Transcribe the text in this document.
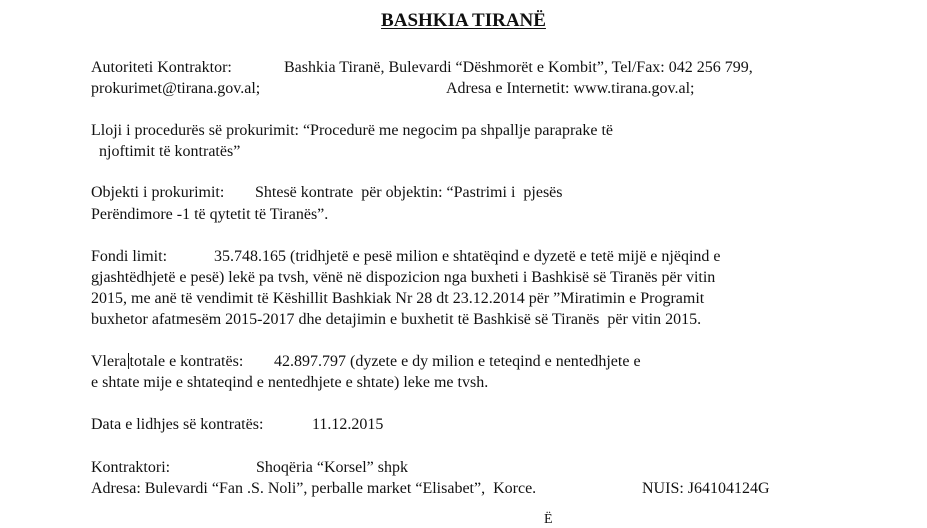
BASHKIA TIRANË
Autoriteti Kontraktor:	Bashkia Tiranë, Bulevardi “Dëshmorët e Kombit”, Tel/Fax: 042 256 799,
prokurimet@tirana.gov.al;	Adresa e Internetit: www.tirana.gov.al;
Lloji i procedurës së prokurimit: “Procedurë me negocim pa shpallje paraprake të
njoftimit të kontratës”
Objekti i prokurimit: Shtesë kontrate  për objektin: “Pastrimi i  pjesës
Perëndimore -1 të qytetit të Tiranës”.
Fondi limit:	35.748.165 (tridhjetë e pesë milion e shtatëqind e dyzetë e tetë mijë e njëqind e
gjashtëdhjetë e pesë) lekë pa tvsh, vënë në dispozicion nga buxheti i Bashkisë së Tiranës për vitin
2015, me anë të vendimit të Këshillit Bashkiak Nr 28 dt 23.12.2014 për ”Miratimin e Programit
buxhetor afatmesëm 2015-2017 dhe detajimin e buxhetit të Bashkisë së Tiranës  për vitin 2015.
Vlera totale e kontratës: 42.897.797 (dyzete e dy milion e teteqind e nentedhjete e
e shtate mije e shtateqind e nentedhjete e shtate) leke me tvsh.
Data e lidhjes së kontratës:	11.12.2015
Kontraktori:	Shoqëria “Korsel” shpk
Adresa: Bulevardi “Fan .S. Noli”, perballe market “Elisabet”,  Korce.	NUIS: J64104124G
Ë
